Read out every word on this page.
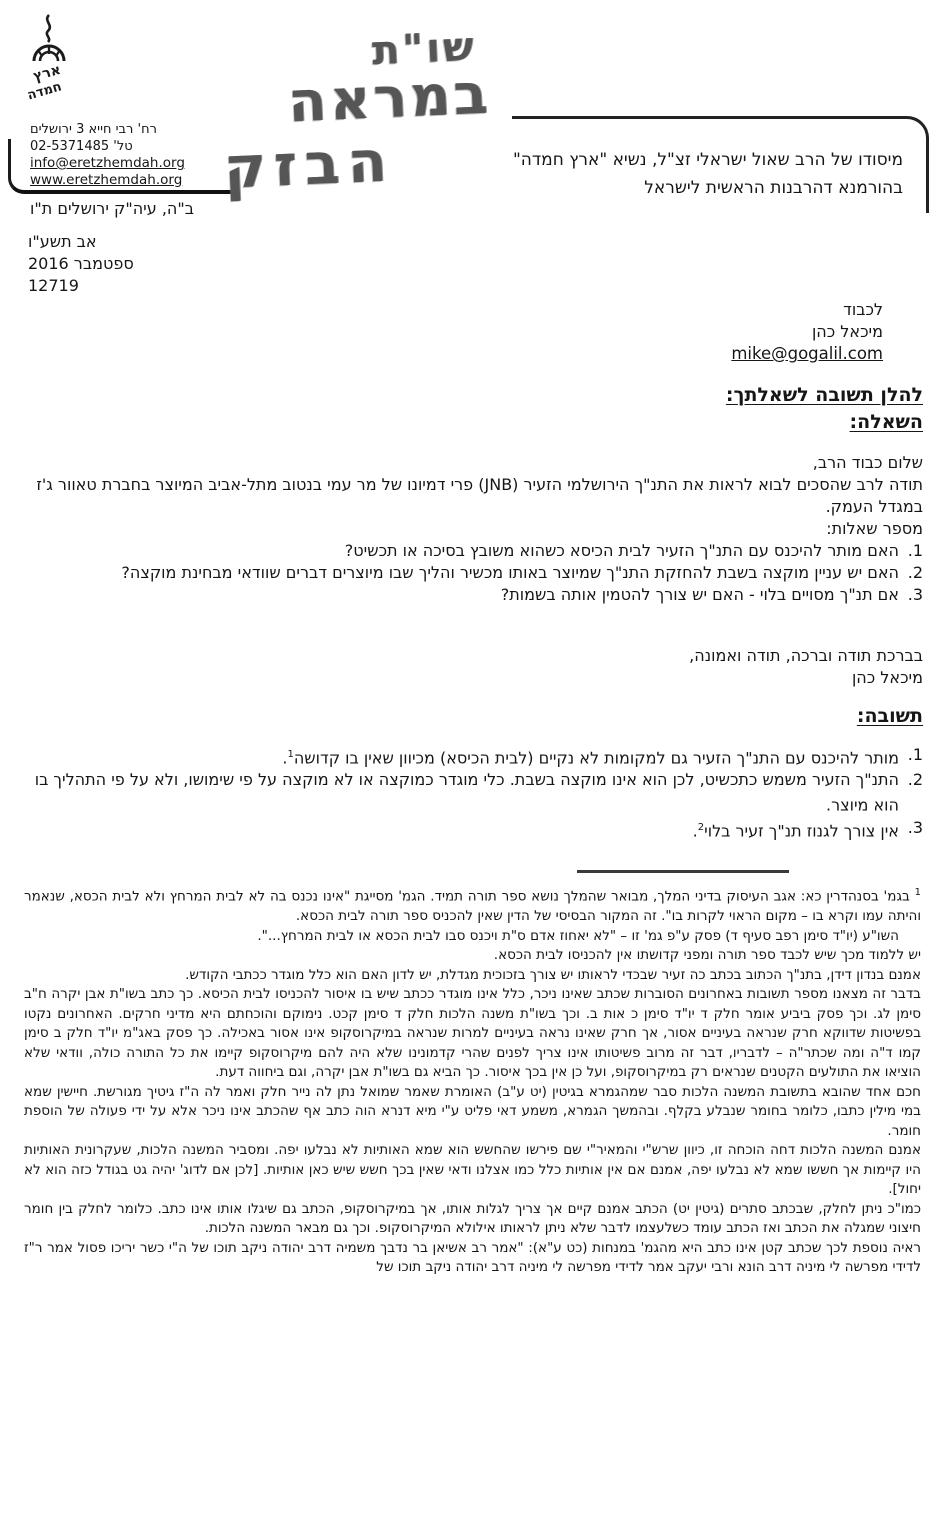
ארץ
חמדה
רח' רבי חייא 3 ירושלים
טל' 02-5371485
info@eretzhemdah.org
www.eretzhemdah.org
ב"ה, עיה"ק ירושלים ת"ו
שו"ת
במראה
הבזק	מיסודו של הרב שאול ישראלי זצ"ל, נשיא "ארץ חמדה"
בהורמנא דהרבנות הראשית לישראל
אב תשע"ו
ספטמבר 2016
12719
לכבוד
מיכאל כהן
mike@gogalil.com
להלן תשובה לשאלתך:
השאלה:
שלום כבוד הרב,
תודה לרב שהסכים לבוא לראות את התנ"ך הירושלמי הזעיר (JNB) פרי דמיונו של מר עמי בנטוב מתל-אביב המיוצר בחברת טאוור ג'ז במגדל העמק.
מספר שאלות:
1.
האם מותר להיכנס עם התנ"ך הזעיר לבית הכיסא כשהוא משובץ בסיכה או תכשיט?
2.
האם יש עניין מוקצה בשבת להחזקת התנ"ך שמיוצר באותו מכשיר והליך שבו מיוצרים דברים שוודאי מבחינת מוקצה?
3.
אם תנ"ך מסויים בלוי - האם יש צורך להטמין אותה בשמות?
בברכת תודה וברכה, תודה ואמונה,
מיכאל כהן
תשובה:
1.
מותר להיכנס עם התנ"ך הזעיר גם למקומות לא נקיים (לבית הכיסא) מכיוון שאין בו קדושה$^1$.
2.
התנ"ך הזעיר משמש כתכשיט, לכן הוא אינו מוקצה בשבת. כלי מוגדר כמוקצה או לא מוקצה על פי שימושו, ולא על פי התהליך בו הוא מיוצר.
3.
אין צורך לגנוז תנ"ך זעיר בלוי$^2$.
$^1$ בגמ' בסנהדרין כא: אגב העיסוק בדיני המלך, מבואר שהמלך נושא ספר תורה תמיד. הגמ' מסייגת "אינו נכנס בה לא לבית המרחץ ולא לבית הכסא, שנאמר והיתה עמו וקרא בו – מקום הראוי לקרות בו". זה המקור הבסיסי של הדין שאין להכניס ספר תורה לבית הכסא.
השו"ע (יו"ד סימן רפב סעיף ד) פסק ע"פ גמ' זו – "לא יאחוז אדם ס"ת ויכנס סבו לבית הכסא או לבית המרחץ...".
יש ללמוד מכך שיש לכבד ספר תורה ומפני קדושתו אין להכניסו לבית הכסא.
אמנם בנדון דידן, בתנ"ך הכתוב בכתב כה זעיר שבכדי לראותו יש צורך בזכוכית מגדלת, יש לדון האם הוא כלל מוגדר ככתבי הקודש.
בדבר זה מצאנו מספר תשובות באחרונים הסוברות שכתב שאינו ניכר, כלל אינו מוגדר ככתב שיש בו איסור להכניסו לבית הכיסא. כך כתב בשו"ת אבן יקרה ח"ב סימן לג. וכך פסק ביביע אומר חלק ד יו"ד סימן כ אות ב. וכך בשו"ת משנה הלכות חלק ד סימן קכט. נימוקם והוכחתם היא מדיני חרקים. האחרונים נקטו בפשיטות שדווקא חרק שנראה בעיניים אסור, אך חרק שאינו נראה בעיניים למרות שנראה במיקרוסקופ אינו אסור באכילה. כך פסק באג"מ יו"ד חלק ב סימן קמו ד"ה ומה שכתר"ה – לדבריו, דבר זה מרוב פשיטותו אינו צריך לפנים שהרי קדמונינו שלא היה להם מיקרוסקופ קיימו את כל התורה כולה, וודאי שלא הוציאו את התולעים הקטנים שנראים רק במיקרוסקופ, ועל כן אין בכך איסור. כך הביא גם בשו"ת אבן יקרה, וגם ביחווה דעת.
חכם אחד שהובא בתשובת המשנה הלכות סבר שמהגמרא בגיטין (יט ע"ב) האומרת שאמר שמואל נתן לה נייר חלק ואמר לה ה"ז גיטיך מגורשת. חיישין שמא במי מילין כתבו, כלומר בחומר שנבלע בקלף. ובהמשך הגמרא, משמע דאי פליט ע"י מיא דנרא הוה כתב אף שהכתב אינו ניכר אלא על ידי פעולה של הוספת חומר.
אמנם המשנה הלכות דחה הוכחה זו, כיוון שרש"י והמאיר"י שם פירשו שהחשש הוא שמא האותיות לא נבלעו יפה. ומסביר המשנה הלכות, שעקרונית האותיות היו קיימות אך חששו שמא לא נבלעו יפה, אמנם אם אין אותיות כלל כמו אצלנו ודאי שאין בכך חשש שיש כאן אותיות. [לכן אם לדוג' יהיה גט בגודל כזה הוא לא יחול].
כמו"כ ניתן לחלק, שבכתב סתרים (גיטין יט) הכתב אמנם קיים אך צריך לגלות אותו, אך במיקרוסקופ, הכתב גם שיגלו אותו אינו כתב. כלומר לחלק בין חומר חיצוני שמגלה את הכתב ואז הכתב עומד כשלעצמו לדבר שלא ניתן לראותו אילולא המיקרוסקופ. וכך גם מבאר המשנה הלכות.
ראיה נוספת לכך שכתב קטן אינו כתב היא מהגמ' במנחות (כט ע"א): "אמר רב אשיאן בר נדבך משמיה דרב יהודה ניקב תוכו של ה"י כשר יריכו פסול אמר ר"ז לדידי מפרשה לי מיניה דרב הונא ורבי יעקב אמר לדידי מפרשה לי מיניה דרב יהודה ניקב תוכו של
